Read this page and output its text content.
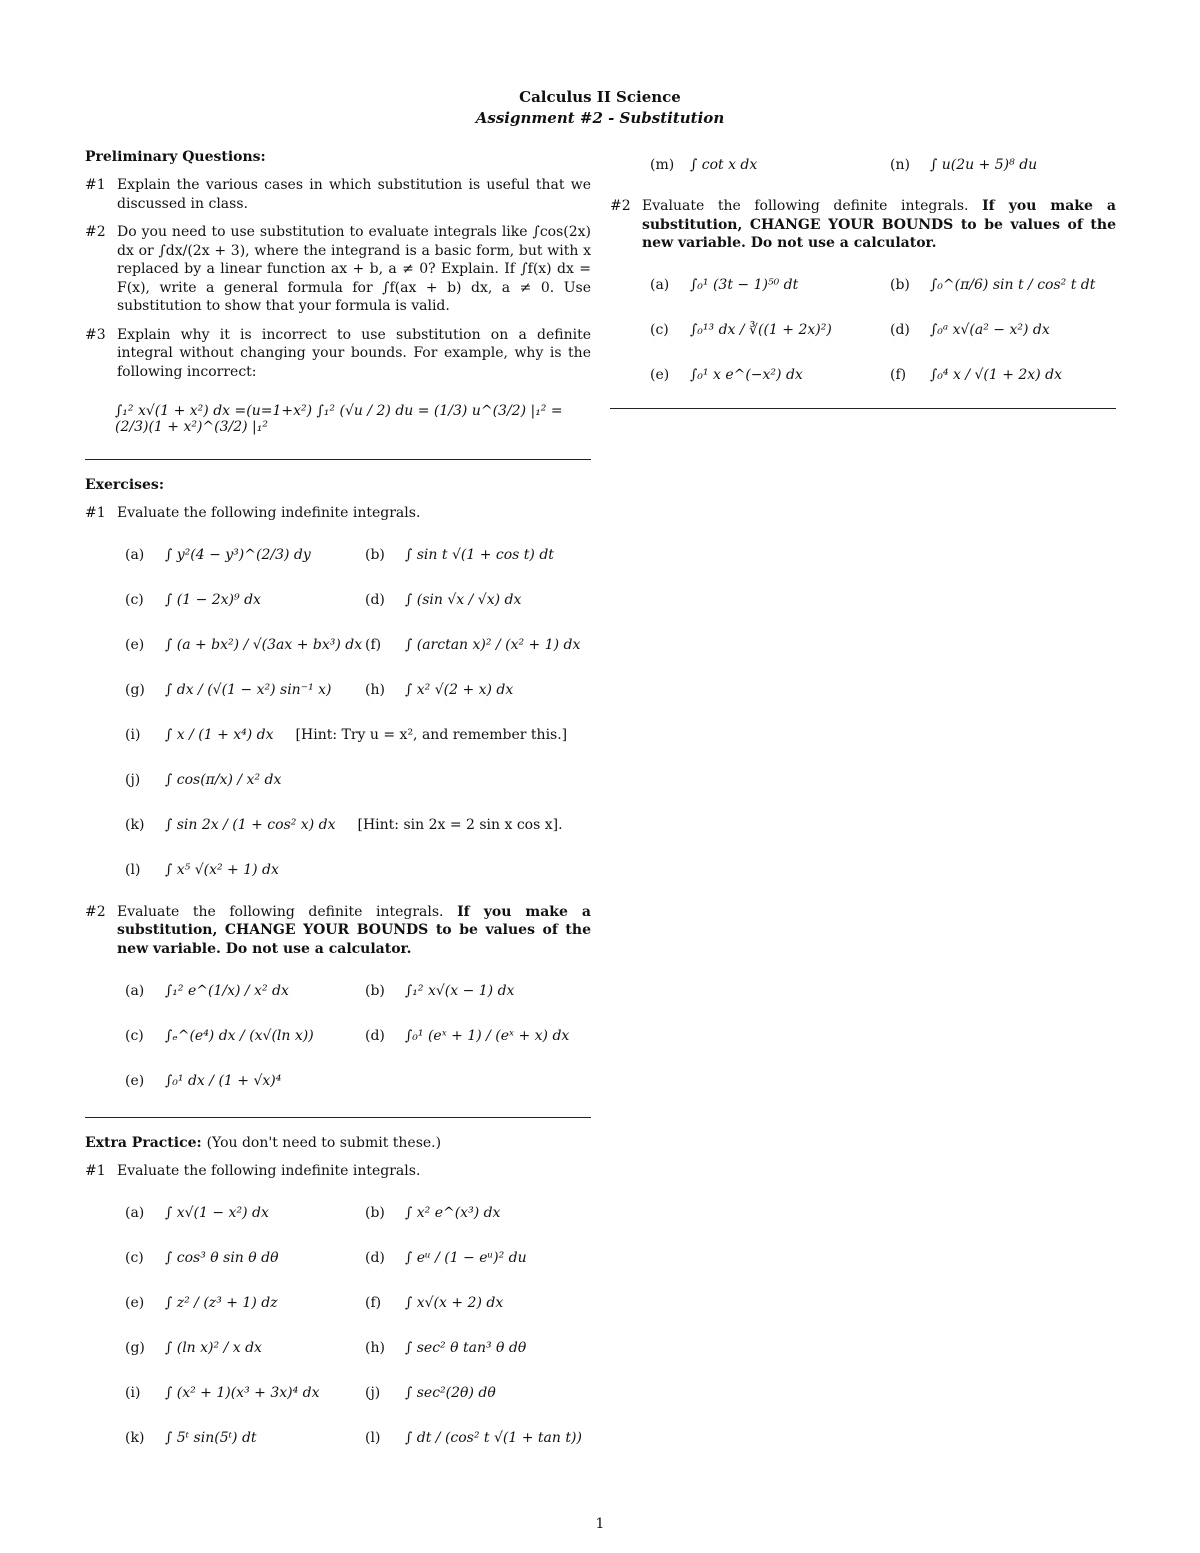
Calculus II Science
Assignment #2 - Substitution
Preliminary Questions:
#1 Explain the various cases in which substitution is useful that we discussed in class.
#2 Do you need to use substitution to evaluate integrals like ∫cos(2x) dx or ∫dx/(2x + 3), where the integrand is a basic form, but with x replaced by a linear function ax + b, a ≠ 0? Explain. If ∫f(x) dx = F(x), write a general formula for ∫f(ax + b) dx, a ≠ 0. Use substitution to show that your formula is valid.
#3 Explain why it is incorrect to use substitution on a definite integral without changing your bounds. For example, why is the following incorrect:
∫₁² x√(1 + x²) dx =(u=1+x²) ∫₁² (√u / 2) du = (1/3) u^(3/2) |₁² = (2/3)(1 + x²)^(3/2) |₁²
Exercises:
#1 Evaluate the following indefinite integrals.
(a)	∫ y²(4 − y³)^(2/3) dy	(b)	∫ sin t √(1 + cos t) dt
(c)	∫ (1 − 2x)⁹ dx	(d)	∫ (sin √x / √x) dx
(e)	∫ (a + bx²) / √(3ax + bx³) dx (f)	∫ (arctan x)² / (x² + 1) dx
(g)	∫ dx / (√(1 − x²) sin⁻¹ x) (h)	∫ x² √(2 + x) dx
(i)	∫ x / (1 + x⁴) dx [Hint: Try u = x², and remember this.]
(j)	∫ cos(π/x) / x² dx
(k)	∫ sin 2x / (1 + cos² x) dx [Hint: sin 2x = 2 sin x cos x].
(l)	∫ x⁵ √(x² + 1) dx
#2 Evaluate the following definite integrals. If you make a substitution, CHANGE YOUR BOUNDS to be values of the new variable. Do not use a calculator.
(a)	∫₁² e^(1/x) / x² dx	(b)	∫₁² x√(x − 1) dx
(c)	∫ₑ^(e⁴) dx / (x√(ln x))	(d)	∫₀¹ (eˣ + 1) / (eˣ + x) dx
(e)	∫₀¹ dx / (1 + √x)⁴
Extra Practice: (You don't need to submit these.)
#1 Evaluate the following indefinite integrals.
(a)	∫ x√(1 − x²) dx	(b)	∫ x² e^(x³) dx
(c)	∫ cos³ θ sin θ dθ	(d)	∫ eᵘ / (1 − eᵘ)² du
(e)	∫ z² / (z³ + 1) dz	(f)	∫ x√(x + 2) dx
(g)	∫ (ln x)² / x dx	(h)	∫ sec² θ tan³ θ dθ
(i)	∫ (x² + 1)(x³ + 3x)⁴ dx	(j)	∫ sec²(2θ) dθ
(k)	∫ 5ᵗ sin(5ᵗ) dt	(l)	∫ dt / (cos² t √(1 + tan t))
(m)	∫ cot x dx	(n)	∫ u(2u + 5)⁸ du
#2 Evaluate the following definite integrals. If you make a substitution, CHANGE YOUR BOUNDS to be values of the new variable. Do not use a calculator.
(a)	∫₀¹ (3t − 1)⁵⁰ dt	(b)	∫₀^(π/6) sin t / cos² t dt
(c)	∫₀¹³ dx / ∛((1 + 2x)²)	(d)	∫₀ᵃ x√(a² − x²) dx
(e)	∫₀¹ x e^(−x²) dx	(f)	∫₀⁴ x / √(1 + 2x) dx
1
